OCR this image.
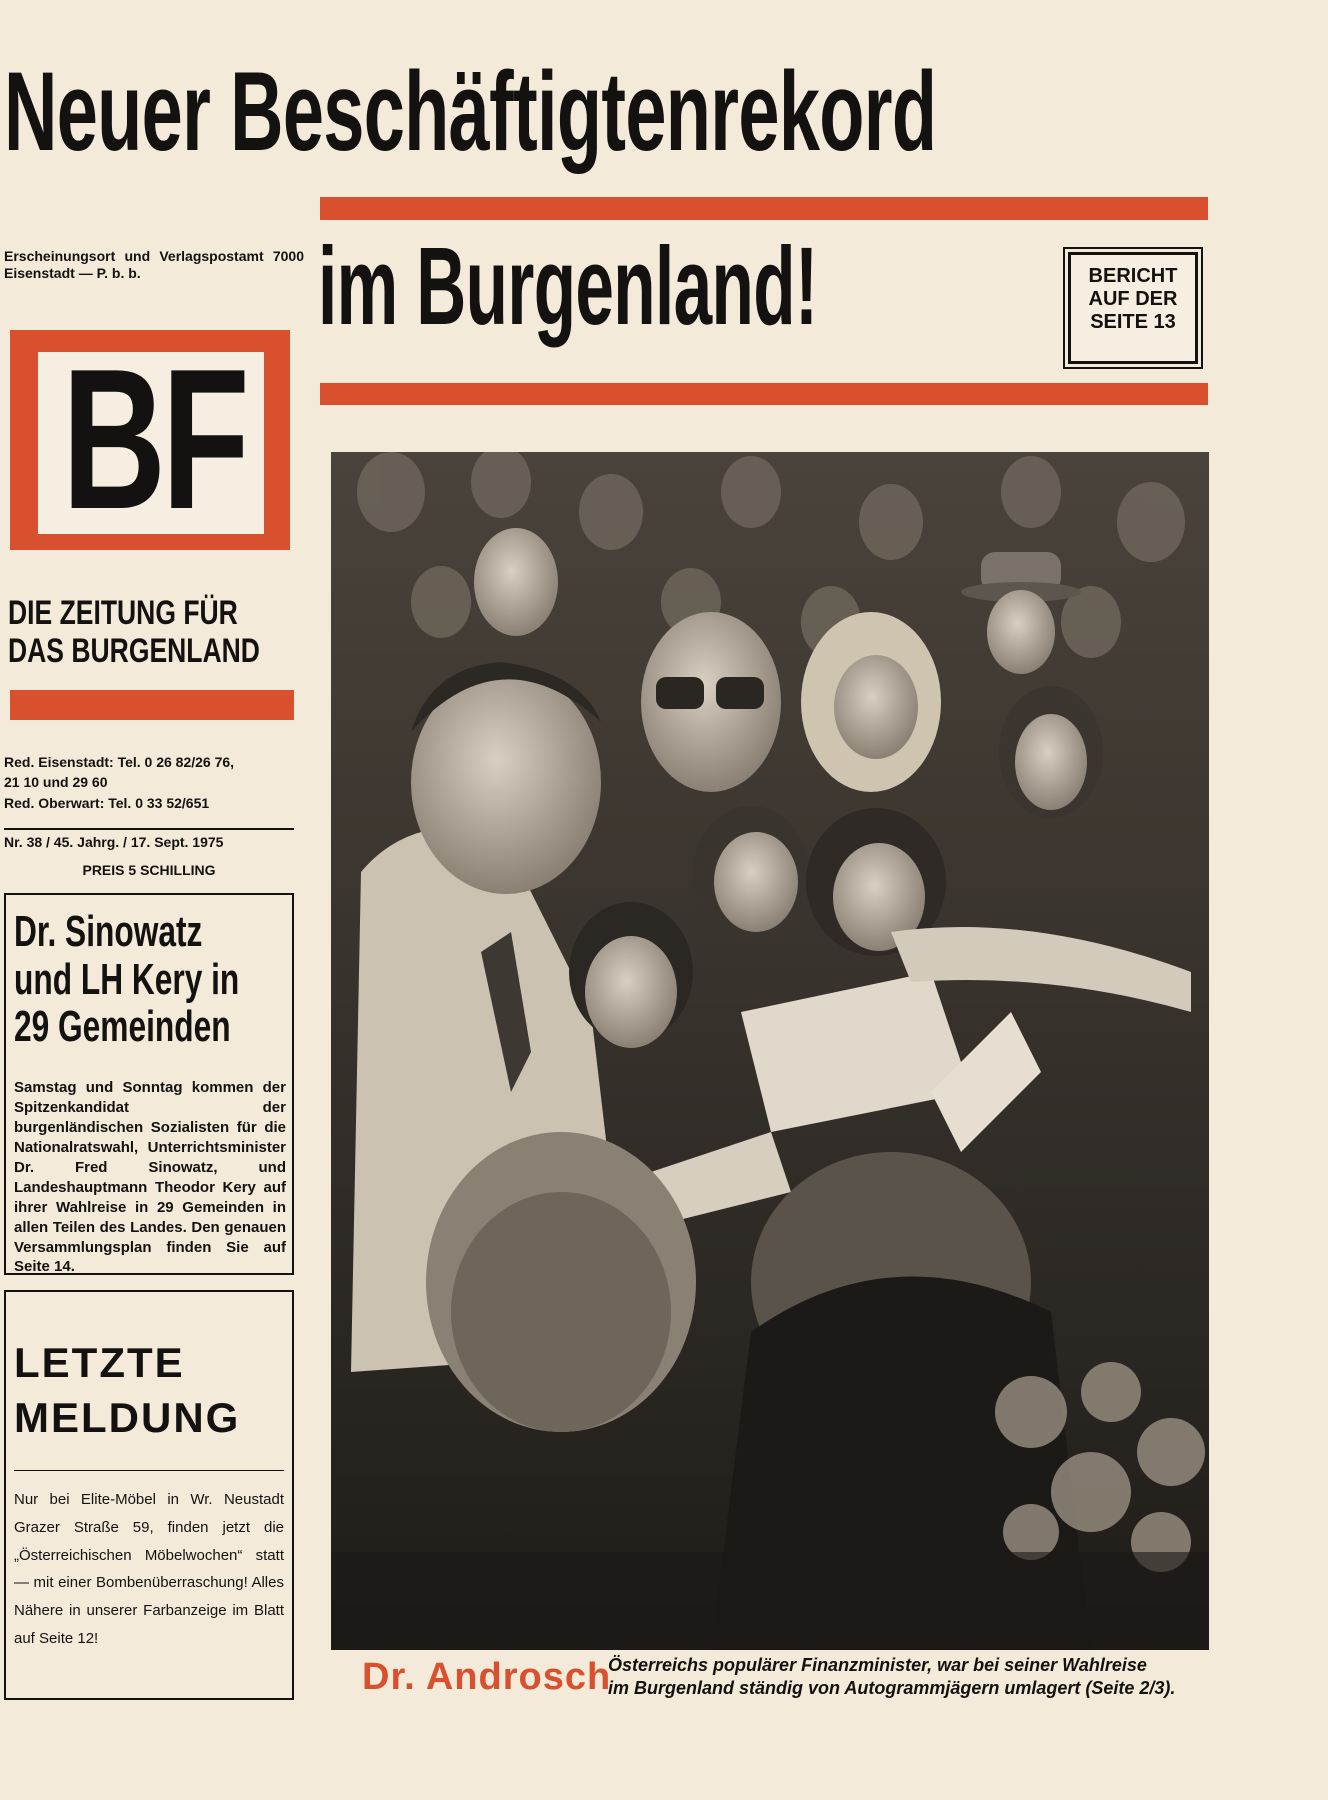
Neuer Beschäftigtenrekord
Erscheinungsort und Verlagspostamt 7000 Eisenstadt — P. b. b.	im Burgenland!	BERICHT
AUF DER
SEITE 13
BF
DIE ZEITUNG FÜR
DAS BURGENLAND
Red. Eisenstadt: Tel. 0 26 82/26 76,
21 10 und 29 60
Red. Oberwart: Tel. 0 33 52/651
Nr. 38 / 45. Jahrg. / 17. Sept. 1975
PREIS 5 SCHILLING
Dr. Sinowatz
und LH Kery in
29 Gemeinden
Samstag und Sonntag kommen der Spitzenkandidat der burgenländischen Sozialisten für die Nationalratswahl, Unterrichtsminister Dr. Fred Sinowatz, und Landeshauptmann Theodor Kery auf ihrer Wahlreise in 29 Gemeinden in allen Teilen des Landes. Den genauen Versammlungsplan finden Sie auf Seite 14.
LETZTE
MELDUNG
Nur bei Elite-Möbel in Wr. Neustadt Grazer Straße 59, finden jetzt die „Österreichischen Möbelwochen“ statt — mit einer Bombenüberraschung! Alles Nähere in unserer Farbanzeige im Blatt auf Seite 12!
Dr. Androsch
Österreichs populärer Finanzminister, war bei seiner Wahlreise
im Burgenland ständig von Autogrammjägern umlagert (Seite 2/3).
